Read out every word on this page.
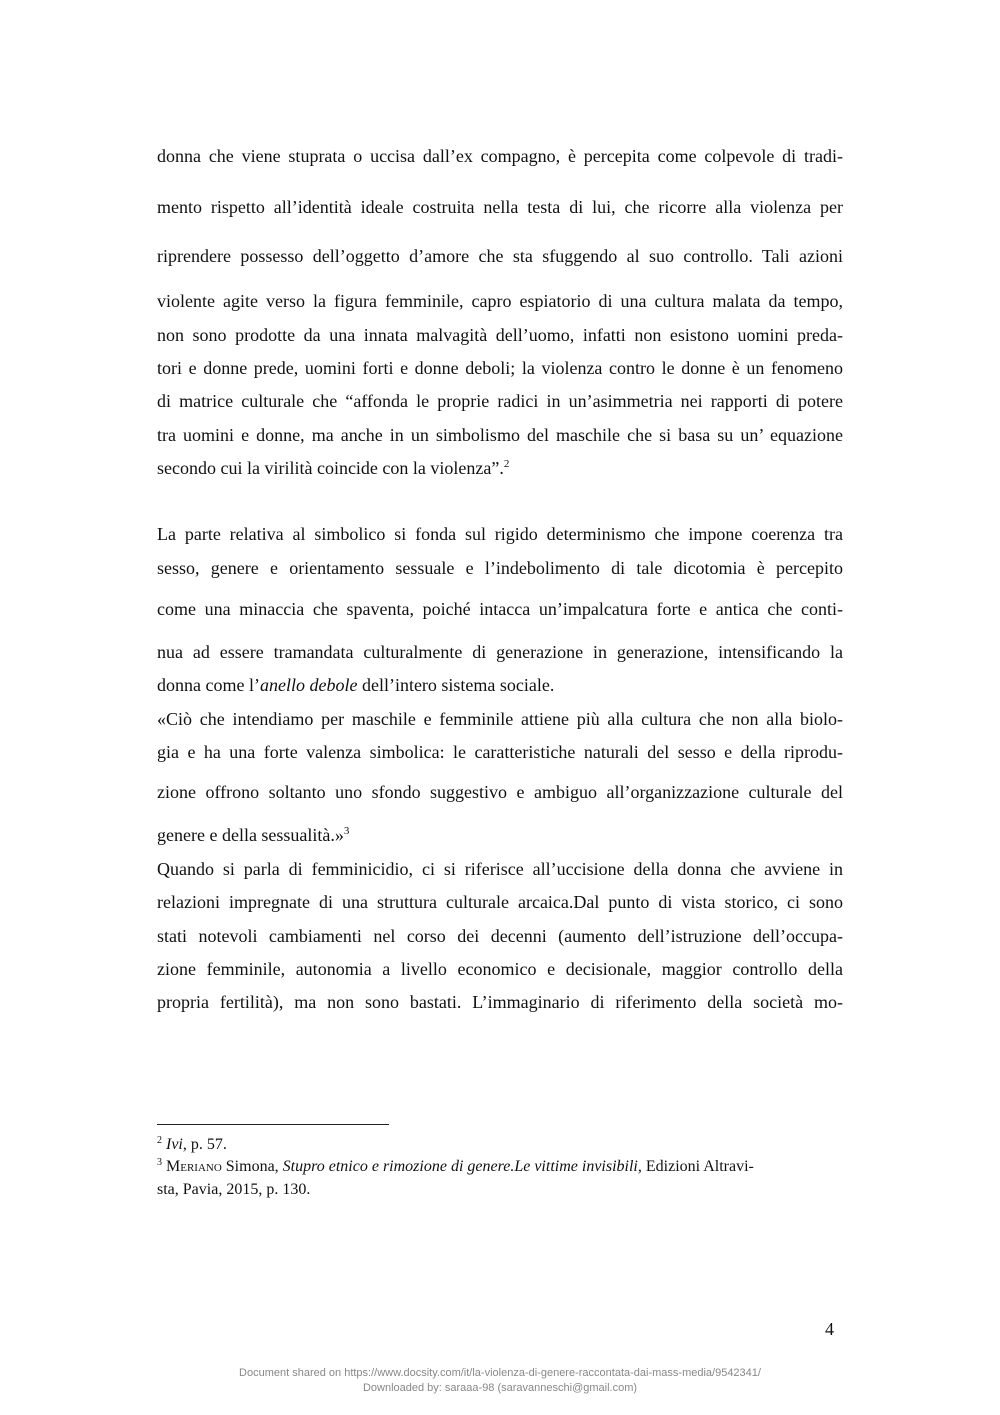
donna che viene stuprata o uccisa dall’ex compagno, è percepita come colpevole di tradi-
mento rispetto all’identità ideale costruita nella testa di lui, che ricorre alla violenza per
riprendere possesso dell’oggetto d’amore che sta sfuggendo al suo controllo. Tali azioni
violente agite verso la figura femminile, capro espiatorio di una cultura malata da tempo,
non sono prodotte da una innata malvagità dell’uomo, infatti non esistono uomini preda-
tori e donne prede, uomini forti e donne deboli; la violenza contro le donne è un fenomeno
di matrice culturale che “affonda le proprie radici in un’asimmetria nei rapporti di potere
tra uomini e donne, ma anche in un simbolismo del maschile che si basa su un’ equazione
secondo cui la virilità coincide con la violenza”.$^2$
La parte relativa al simbolico si fonda sul rigido determinismo che impone coerenza tra
sesso, genere e orientamento sessuale e l’indebolimento di tale dicotomia è percepito
come una minaccia che spaventa, poiché intacca un’impalcatura forte e antica che conti-
nua ad essere tramandata culturalmente di generazione in generazione, intensificando la
donna come l’anello debole dell’intero sistema sociale.
«Ciò che intendiamo per maschile e femminile attiene più alla cultura che non alla biolo-
gia e ha una forte valenza simbolica: le caratteristiche naturali del sesso e della riprodu-
zione offrono soltanto uno sfondo suggestivo e ambiguo all’organizzazione culturale del
genere e della sessualità.»$^3$
Quando si parla di femminicidio, ci si riferisce all’uccisione della donna che avviene in
relazioni impregnate di una struttura culturale arcaica.Dal punto di vista storico, ci sono
stati notevoli cambiamenti nel corso dei decenni (aumento dell’istruzione dell’occupa-
zione femminile, autonomia a livello economico e decisionale, maggior controllo della
propria fertilità), ma non sono bastati. L’immaginario di riferimento della società mo-
$^2$ Ivi, p. 57.
$^3$ Meriano Simona, Stupro etnico e rimozione di genere.Le vittime invisibili, Edizioni Altravi-
sta, Pavia, 2015, p. 130.
4
Document shared on https://www.docsity.com/it/la-violenza-di-genere-raccontata-dai-mass-media/9542341/
Downloaded by: saraaa-98 (saravanneschi@gmail.com)
